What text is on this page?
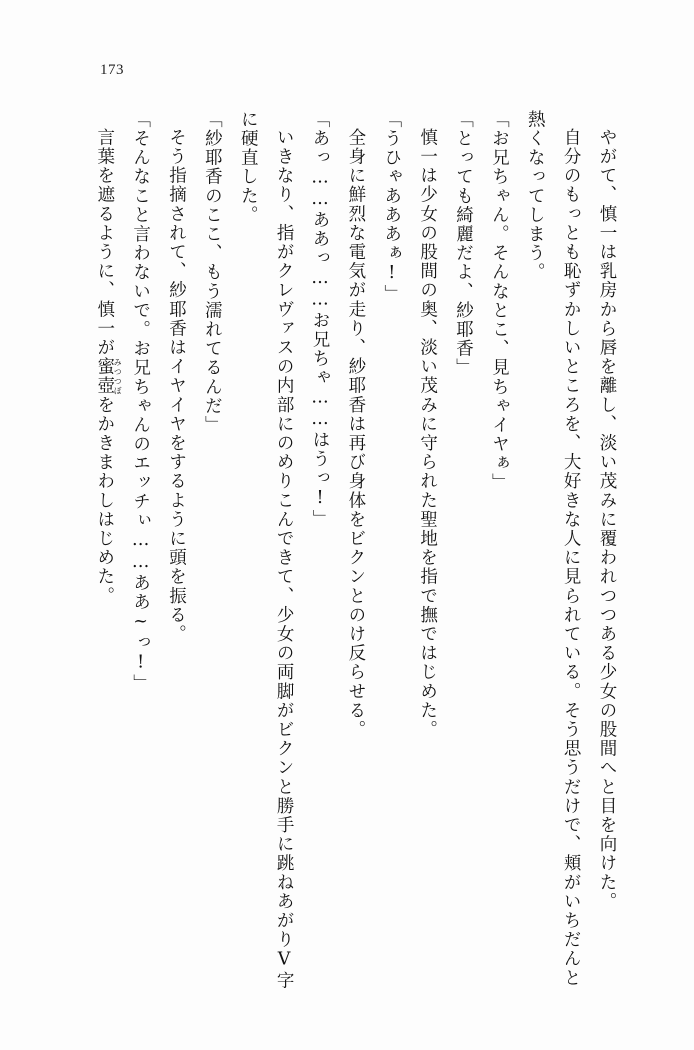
173

やがて、慎一は乳房から唇を離し、淡い茂みに覆われつつある少女の股間へと目を向けた。

自分のもっとも恥ずかしいところを、大好きな人に見られている。そう思うだけで、頬がいちだんと熱くなってしまう。

「お兄ちゃん。そんなとこ、見ちゃイヤぁ」

「とっても綺麗だよ、紗耶香」

慎一は少女の股間の奥、淡い茂みに守られた聖地を指で撫ではじめた。

「うひゃあああぁ!」

全身に鮮烈な電気が走り、紗耶香は再び身体をビクンとのけ反らせる。

「あっ……ああっ……お兄ちゃ……はうっ!」

いきなり、指がクレヴァスの内部にのめりこんできて、少女の両脚がビクンと勝手に跳ねあがりV字に硬直した。

「紗耶香のここ、もう濡れてるんだ」

そう指摘されて、紗耶香はイヤイヤをするように頭を振る。

「そんなこと言わないで。お兄ちゃんのエッチぃ……ああ~っ!」

言葉を遮るように、慎一が蜜壺みつつぼをかきまわしはじめた。
